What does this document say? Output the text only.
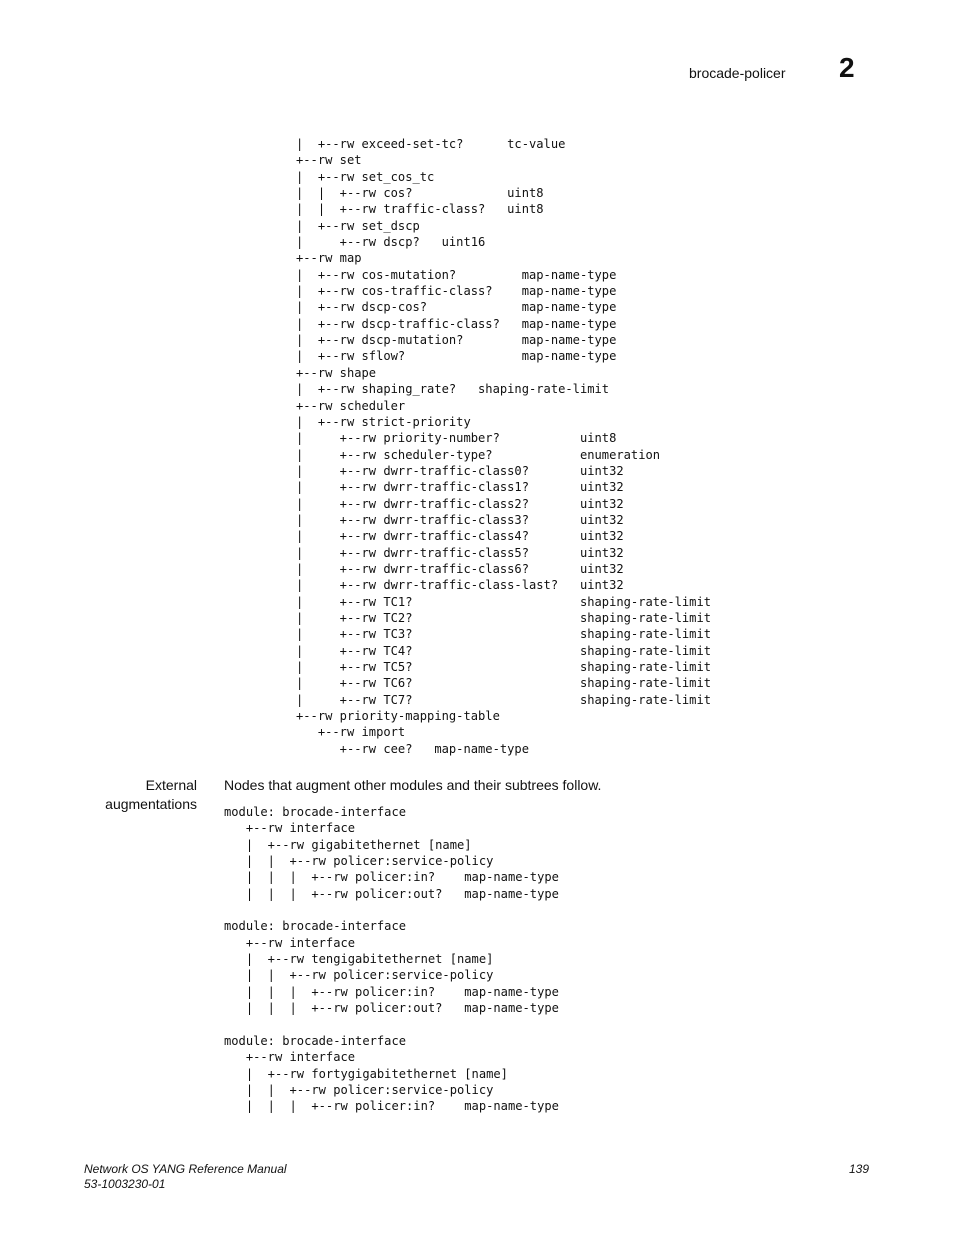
brocade-policer 2
|  +--rw exceed-set-tc?      tc-value
+--rw set
|  +--rw set_cos_tc
|  |  +--rw cos?             uint8
|  |  +--rw traffic-class?   uint8
|  +--rw set_dscp
|     +--rw dscp?   uint16
+--rw map
|  +--rw cos-mutation?         map-name-type
|  +--rw cos-traffic-class?    map-name-type
|  +--rw dscp-cos?             map-name-type
|  +--rw dscp-traffic-class?   map-name-type
|  +--rw dscp-mutation?        map-name-type
|  +--rw sflow?                map-name-type
+--rw shape
|  +--rw shaping_rate?   shaping-rate-limit
+--rw scheduler
|  +--rw strict-priority
|     +--rw priority-number?           uint8
|     +--rw scheduler-type?            enumeration
|     +--rw dwrr-traffic-class0?       uint32
|     +--rw dwrr-traffic-class1?       uint32
|     +--rw dwrr-traffic-class2?       uint32
|     +--rw dwrr-traffic-class3?       uint32
|     +--rw dwrr-traffic-class4?       uint32
|     +--rw dwrr-traffic-class5?       uint32
|     +--rw dwrr-traffic-class6?       uint32
|     +--rw dwrr-traffic-class-last?   uint32
|     +--rw TC1?                       shaping-rate-limit
|     +--rw TC2?                       shaping-rate-limit
|     +--rw TC3?                       shaping-rate-limit
|     +--rw TC4?                       shaping-rate-limit
|     +--rw TC5?                       shaping-rate-limit
|     +--rw TC6?                       shaping-rate-limit
|     +--rw TC7?                       shaping-rate-limit
+--rw priority-mapping-table
+--rw import
+--rw cee?   map-name-type
External
augmentations
Nodes that augment other modules and their subtrees follow.
module: brocade-interface
+--rw interface
|  +--rw gigabitethernet [name]
|  |  +--rw policer:service-policy
|  |  |  +--rw policer:in?    map-name-type
|  |  |  +--rw policer:out?   map-name-type

module: brocade-interface
+--rw interface
|  +--rw tengigabitethernet [name]
|  |  +--rw policer:service-policy
|  |  |  +--rw policer:in?    map-name-type
|  |  |  +--rw policer:out?   map-name-type

module: brocade-interface
+--rw interface
|  +--rw fortygigabitethernet [name]
|  |  +--rw policer:service-policy
|  |  |  +--rw policer:in?    map-name-type
Network OS YANG Reference Manual
53-1003230-01
139
